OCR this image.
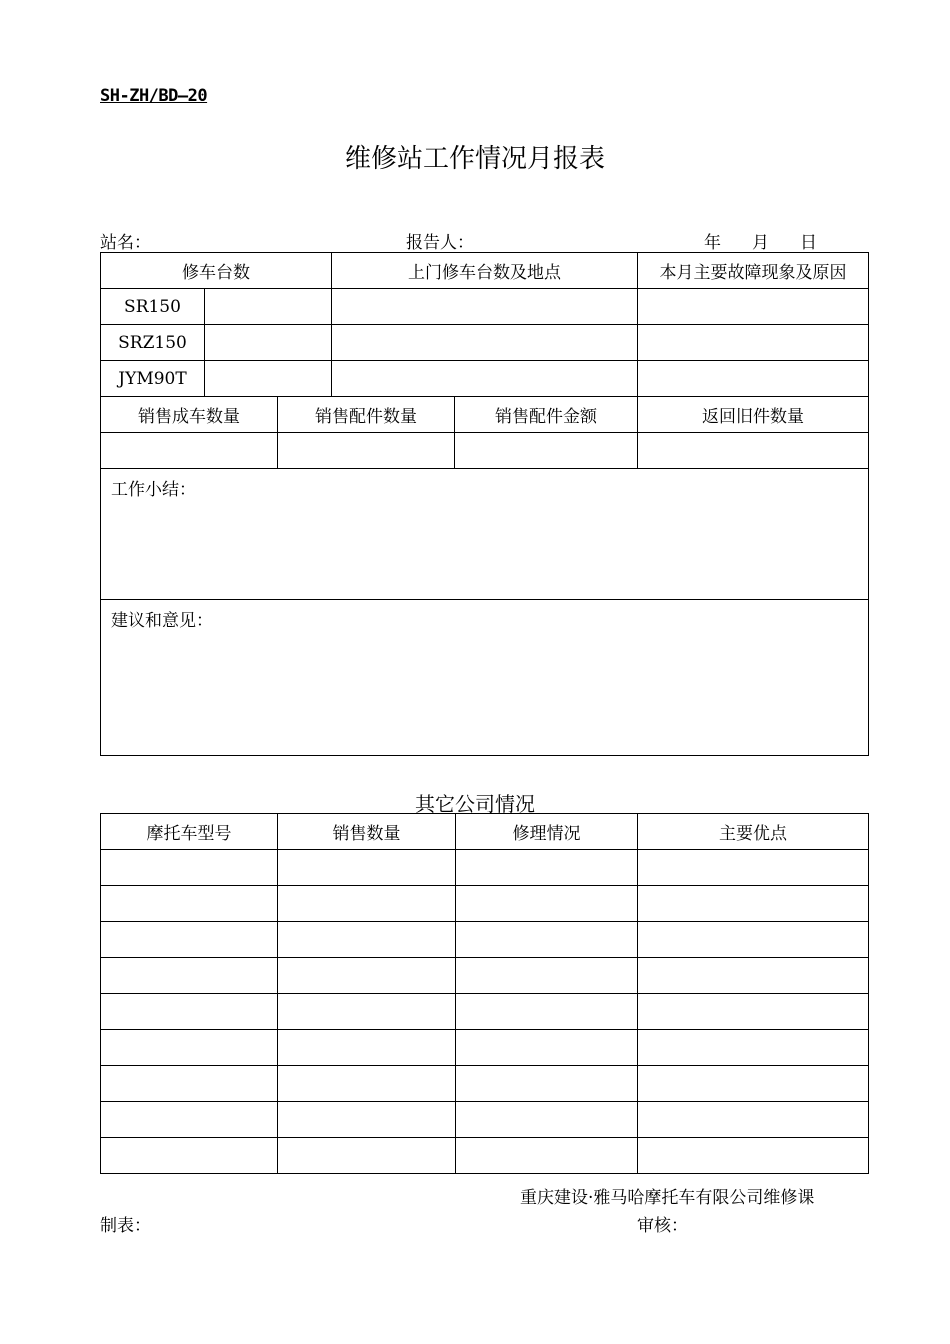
SH-ZH/BD—20
维修站工作情况月报表
站名：	报告人：	年 月 日
修车台数			上门修车台数及地点		本月主要故障现象及原因
SR150					
SRZ150					
JYM90T					
销售成车数量		销售配件数量		销售配件金额	返回旧件数量

工作小结：					
建议和意见：					
其它公司情况
摩托车型号	销售数量	修理情况	主要优点

重庆建设·雅马哈摩托车有限公司维修课
制表：	审核：
